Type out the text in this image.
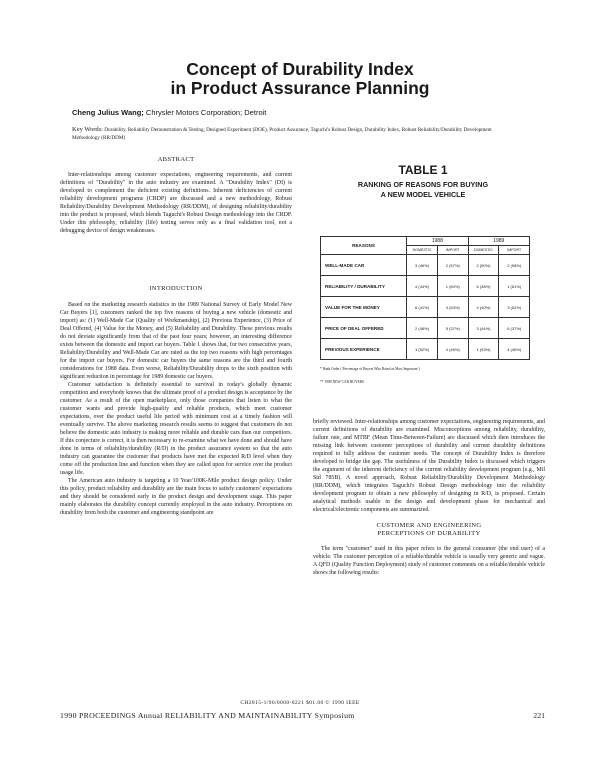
Concept of Durability Index
in Product Assurance Planning

Cheng Julius Wang; Chrysler Motors Corporation; Detroit

Key Words: Durability, Reliability Demonstration & Testing, Designed Experiment (DOE), Product Assurance, Taguchi's Robust Design, Durability Index, Robust Reliability/Durability Development Methodology (RR/DDM)

ABSTRACT

Inter-relationships among customer expectations, engineering requirements, and current definitions of "Durability" in the auto industry are examined. A "Durability Index" (DI) is developed to complement the deficient existing definitions. Inherent deficiencies of current reliability development programs (CRDP) are discussed and a new methodology, Robust Reliability/Durability Development Methodology (RR/DDM), of designing reliability/durability into the product is proposed, which blends Taguchi's Robust Design methodology into the CRDP. Under this philosophy, reliability (life) testing serves only as a final validation tool, not a debugging device of design weaknesses.

INTRODUCTION

Based on the marketing research statistics in the 1989 National Survey of Early Model New Car Buyers [1], customers ranked the top five reasons of buying a new vehicle (domestic and import) as: (1) Well-Made Car (Quality of Workmanship), (2) Previous Experience, (3) Price of Deal Offered, (4) Value for the Money, and (5) Reliability and Durability. These previous results do not deviate significantly from that of the past four years; however, an interesting difference exists between the domestic and import car buyers. Table 1 shows that, for two consecutive years, Reliability/Durability and Well-Made Car are rated as the top two reasons with high percentages for the import car buyers. For domestic car buyers the same reasons are the third and fourth considerations for 1988 data. Even worse, Reliability/Durability drops to the sixth position with significant reduction in percentage for 1989 domestic car buyers.

Customer satisfaction is definitely essential to survival in today's globally dynamic competition and everybody knows that the ultimate proof of a product design is acceptance by the customer. As a result of the open marketplace, only those companies that listen to what the customer wants and provide high-quality and reliable products, which meet customer expectations, over the product useful life period with minimum cost at a timely fashion will eventually survive. The above marketing research results seems to suggest that customers do not believe the domestic auto industry is making more reliable and durable cars than our competitors. If this conjecture is correct, it is then necessary to re-examine what we have done and should have done in terms of reliability/durability (R/D) in the product assurance system so that the auto industry can guarantee the customer that products have met the expected R/D level when they come off the production line and function when they are called upon for service over the product usage life.

The American auto industry is targeting a 10 Year/100K-Mile product design policy. Under this policy, product reliability and durability are the main focus to satisfy customers' expectations and they should be considered early in the product design and development stage. This paper mainly elaborates the durability concept currently employed in the auto industry. Perceptions on durability from both the customer and engineering standpoint are

TABLE 1

RANKING OF REASONS FOR BUYING
A NEW MODEL VEHICLE

REASONS	1988		1989	
	DOMESTIC	IMPORT	DOMESTIC	IMPORT
WELL-MADE CAR	3 (46%)	2 (57%)	2 (50%)	2 (58%)
RELIABILITY / DURABILITY	4 (44%)	1 (60%)	6 (38%)	1 (61%)
VALUE FOR THE MONEY	6 (41%)	3 (53%)	4 (40%)	3 (52%)
PRICE OF DEAL OFFERED	2 (48%)	5 (37%)	3 (44%)	6 (37%)
PREVIOUS EXPERIENCE	1 (52%)	4 (46%)	1 (53%)	4 (46%)

* Rank Order ( Percentage of Buyers Who Rated as Most Important )

** 1989 NEW CAR BUYERS

briefly reviewed. Inter-relationships among customer expectations, engineering requirements, and current definitions of durability are examined. Misconceptions among reliability, durability, failure rate, and MTBF (Mean Time-Between-Failure) are discussed which then introduces the missing link between customer perceptions of durability and current durability definitions required to fully address the customer needs. The concept of Durability Index is therefore developed to bridge the gap. The usefulness of the Durability Index is discussed which triggers the argument of the inherent deficiency of the current reliability development program (e.g., Mil Std 785B). A novel approach, Robust Reliability/Durability Development Methodology (RR/DDM), which integrates Taguchi's Robust Design methodology into the reliability development program to obtain a new philosophy of designing in R/D, is proposed. Certain analytical methods usable in the design and development phase for mechanical and electrical/electronic components are summarized.

CUSTOMER AND ENGINEERING
PERCEPTIONS OF DURABILITY

The term "customer" used in this paper refers to the general consumer (the end user) of a vehicle. The customer perception of a reliable/durable vehicle is usually very generic and vague. A QFD (Quality Function Deployment) study of customer comments on a reliable/durable vehicle shows the following results:

CH2815-1/90/0000-0221 $01.00 © 1990 IEEE

1990 PROCEEDINGS Annual RELIABILITY AND MAINTAINABILITY Symposium	221
